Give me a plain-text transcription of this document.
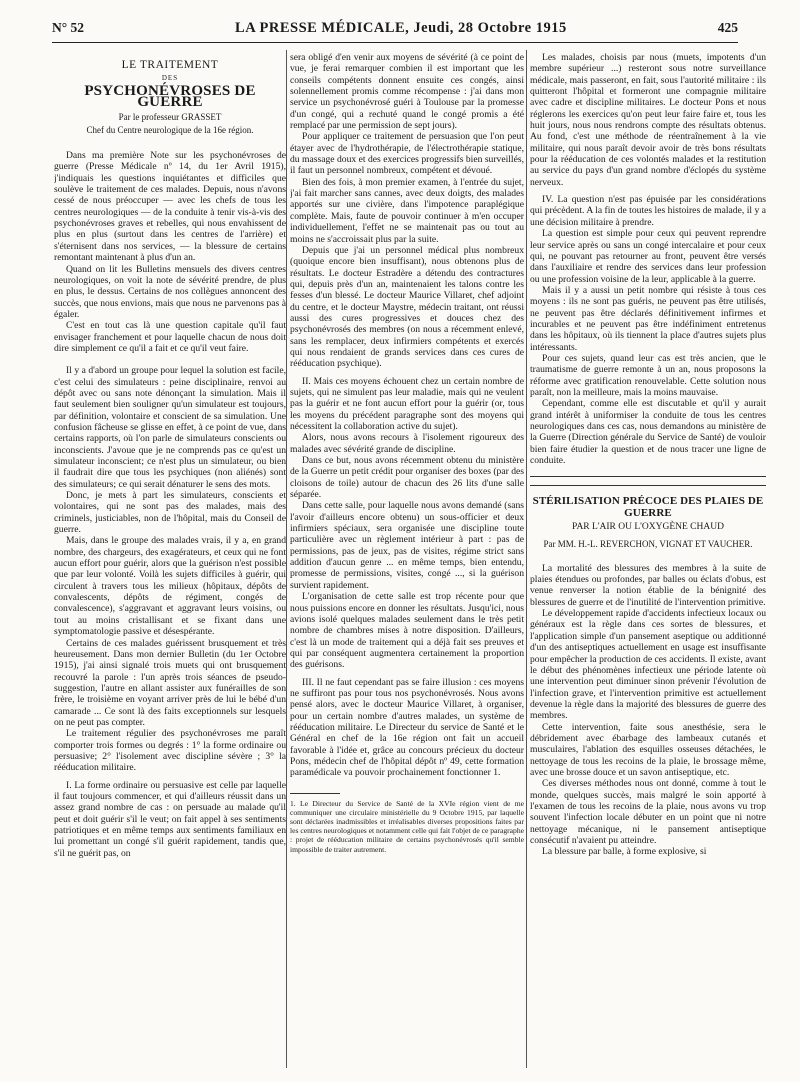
N° 52	LA PRESSE MÉDICALE, Jeudi, 28 Octobre 1915	425
LE TRAITEMENT
DES
PSYCHONÉVROSES DE GUERRE
Par le professeur GRASSET
Chef du Centre neurologique de la 16e région.

Dans ma première Note sur les psychonévroses de guerre (Presse Médicale nº 14, du 1er Avril 1915), j'indiquais les questions inquiétantes et difficiles que soulève le traitement de ces malades. Depuis, nous n'avons cessé de nous préoccuper — avec les chefs de tous les centres neurologiques — de la conduite à tenir vis-à-vis des psychonévroses graves et rebelles, qui nous envahissent de plus en plus (surtout dans les centres de l'arrière) et s'éternisent dans nos services, — la blessure de certains remontant maintenant à plus d'un an.

Quand on lit les Bulletins mensuels des divers centres neurologiques, on voit la note de sévérité prendre, de plus en plus, le dessus. Certains de nos collègues annoncent des succès, que nous envions, mais que nous ne parvenons pas à égaler.

C'est en tout cas là une question capitale qu'il faut envisager franchement et pour laquelle chacun de nous doit dire simplement ce qu'il a fait et ce qu'il veut faire.

Il y a d'abord un groupe pour lequel la solution est facile, c'est celui des simulateurs : peine disciplinaire, renvoi au dépôt avec ou sans note dénonçant la simulation. Mais il faut seulement bien souligner qu'un simulateur est toujours, par définition, volontaire et conscient de sa simulation. Une confusion fâcheuse se glisse en effet, à ce point de vue, dans certains rapports, où l'on parle de simulateurs conscients ou inconscients. J'avoue que je ne comprends pas ce qu'est un simulateur inconscient; ce n'est plus un simulateur, ou bien il faudrait dire que tous les psychiques (non aliénés) sont des simulateurs; ce qui serait dénaturer le sens des mots.

Donc, je mets à part les simulateurs, conscients et volontaires, qui ne sont pas des malades, mais des criminels, justiciables, non de l'hôpital, mais du Conseil de guerre.

Mais, dans le groupe des malades vrais, il y a, en grand nombre, des chargeurs, des exagérateurs, et ceux qui ne font aucun effort pour guérir, alors que la guérison n'est possible que par leur volonté. Voilà les sujets difficiles à guérir, qui circulent à travers tous les milieux (hôpitaux, dépôts de convalescents, dépôts de régiment, congés de convalescence), s'aggravant et aggravant leurs voisins, ou tout au moins cristallisant et se fixant dans une symptomatologie passive et désespérante.

Certains de ces malades guérissent brusquement et très heureusement. Dans mon dernier Bulletin (du 1er Octobre 1915), j'ai ainsi signalé trois muets qui ont brusquement recouvré la parole : l'un après trois séances de pseudo-suggestion, l'autre en allant assister aux funérailles de son frère, le troisième en voyant arriver près de lui le bébé d'un camarade ... Ce sont là des faits exceptionnels sur lesquels on ne peut pas compter.

Le traitement régulier des psychonévroses me paraît comporter trois formes ou degrés : 1° la forme ordinaire ou persuasive; 2° l'isolement avec discipline sévère ; 3° la rééducation militaire.

I. La forme ordinaire ou persuasive est celle par laquelle il faut toujours commencer, et qui d'ailleurs réussit dans un assez grand nombre de cas : on persuade au malade qu'il peut et doit guérir s'il le veut; on fait appel à ses sentiments patriotiques et en même temps aux sentiments familiaux en lui promettant un congé s'il guérit rapidement, tandis que, s'il ne guérit pas, on

sera obligé d'en venir aux moyens de sévérité (à ce point de vue, je ferai remarquer combien il est important que les conseils compétents donnent ensuite ces congés, ainsi solennellement promis comme récompense : j'ai dans mon service un psychonévrosé guéri à Toulouse par la promesse d'un congé, qui a rechuté quand le congé promis a été remplacé par une permission de sept jours).

Pour appliquer ce traitement de persuasion que l'on peut étayer avec de l'hydrothérapie, de l'électrothérapie statique, du massage doux et des exercices progressifs bien surveillés, il faut un personnel nombreux, compétent et dévoué.

Bien des fois, à mon premier examen, à l'entrée du sujet, j'ai fait marcher sans cannes, avec deux doigts, des malades apportés sur une civière, dans l'impotence paraplégique complète. Mais, faute de pouvoir continuer à m'en occuper individuellement, l'effet ne se maintenait pas ou tout au moins ne s'accroissait plus par la suite.

Depuis que j'ai un personnel médical plus nombreux (quoique encore bien insuffisant), nous obtenons plus de résultats. Le docteur Estradère a détendu des contractures qui, depuis près d'un an, maintenaient les talons contre les fesses d'un blessé. Le docteur Maurice Villaret, chef adjoint du centre, et le docteur Maystre, médecin traitant, ont réussi aussi des cures progressives et douces chez des psychonévrosés des membres (on nous a récemment enlevé, sans les remplacer, deux infirmiers compétents et exercés qui nous rendaient de grands services dans ces cures de rééducation psychique).

II. Mais ces moyens échouent chez un certain nombre de sujets, qui ne simulent pas leur maladie, mais qui ne veulent pas la guérir et ne font aucun effort pour la guérir (or, tous les moyens du précédent paragraphe sont des moyens qui nécessitent la collaboration active du sujet).

Alors, nous avons recours à l'isolement rigoureux des malades avec sévérité grande de discipline.

Dans ce but, nous avons récemment obtenu du ministère de la Guerre un petit crédit pour organiser des boxes (par des cloisons de toile) autour de chacun des 26 lits d'une salle séparée.

Dans cette salle, pour laquelle nous avons demandé (sans l'avoir d'ailleurs encore obtenu) un sous-officier et deux infirmiers spéciaux, sera organisée une discipline toute particulière avec un règlement intérieur à part : pas de permissions, pas de jeux, pas de visites, régime strict sans addition d'aucun genre ... en même temps, bien entendu, promesse de permissions, visites, congé ..., si la guérison survient rapidement.

L'organisation de cette salle est trop récente pour que nous puissions encore en donner les résultats. Jusqu'ici, nous avions isolé quelques malades seulement dans le très petit nombre de chambres mises à notre disposition. D'ailleurs, c'est là un mode de traitement qui a déjà fait ses preuves et qui par conséquent augmentera certainement la proportion des guérisons.

III. Il ne faut cependant pas se faire illusion : ces moyens ne suffiront pas pour tous nos psychonévrosés. Nous avons pensé alors, avec le docteur Maurice Villaret, à organiser, pour un certain nombre d'autres malades, un système de rééducation militaire. Le Directeur du service de Santé et le Général en chef de la 16e région ont fait un accueil favorable à l'idée et, grâce au concours précieux du docteur Pons, médecin chef de l'hôpital dépôt nº 49, cette formation paramédicale va pouvoir prochainement fonctionner 1.

1. Le Directeur du Service de Santé de la XVIe région vient de me communiquer une circulaire ministérielle du 9 Octobre 1915, par laquelle sont déclarées inadmissibles et irréalisables diverses propositions faites par les centres neurologiques et notamment celle qui fait l'objet de ce paragraphe : projet de rééducation militaire de certains psychonévrosés qu'il semble impossible de traiter autrement.

Les malades, choisis par nous (muets, impotents d'un membre supérieur ...) resteront sous notre surveillance médicale, mais passeront, en fait, sous l'autorité militaire : ils quitteront l'hôpital et formeront une compagnie militaire avec cadre et discipline militaires. Le docteur Pons et nous réglerons les exercices qu'on peut leur faire faire et, tous les huit jours, nous nous rendrons compte des résultats obtenus. Au fond, c'est une méthode de réentraînement à la vie militaire, qui nous paraît devoir avoir de très bons résultats pour la rééducation de ces volontés malades et la restitution au service du pays d'un grand nombre d'éclopés du système nerveux.

IV. La question n'est pas épuisée par les considérations qui précèdent. A la fin de toutes les histoires de malade, il y a une décision militaire à prendre.

La question est simple pour ceux qui peuvent reprendre leur service après ou sans un congé intercalaire et pour ceux qui, ne pouvant pas retourner au front, peuvent être versés dans l'auxiliaire et rendre des services dans leur profession ou une profession voisine de la leur, applicable à la guerre.

Mais il y a aussi un petit nombre qui résiste à tous ces moyens : ils ne sont pas guéris, ne peuvent pas être utilisés, ne peuvent pas être déclarés définitivement infirmes et incurables et ne peuvent pas être indéfiniment entretenus dans les hôpitaux, où ils tiennent la place d'autres sujets plus intéressants.

Pour ces sujets, quand leur cas est très ancien, que le traumatisme de guerre remonte à un an, nous proposons la réforme avec gratification renouvelable. Cette solution nous paraît, non la meilleure, mais la moins mauvaise.

Cependant, comme elle est discutable et qu'il y aurait grand intérêt à uniformiser la conduite de tous les centres neurologiques dans ces cas, nous demandons au ministère de la Guerre (Direction générale du Service de Santé) de vouloir bien faire étudier la question et de nous tracer une ligne de conduite.

STÉRILISATION PRÉCOCE DES PLAIES DE GUERRE
PAR L'AIR OU L'OXYGÈNE CHAUD
Par MM. H.-L. REVERCHON, VIGNAT ET VAUCHER.

La mortalité des blessures des membres à la suite de plaies étendues ou profondes, par balles ou éclats d'obus, est venue renverser la notion établie de la bénignité des blessures de guerre et de l'inutilité de l'intervention primitive.

Le développement rapide d'accidents infectieux locaux ou généraux est la règle dans ces sortes de blessures, et l'application simple d'un pansement aseptique ou additionné d'un des antiseptiques actuellement en usage est insuffisante pour empêcher la production de ces accidents. Il existe, avant le début des phénomènes infectieux une période latente où une intervention peut diminuer sinon prévenir l'évolution de l'infection grave, et l'intervention primitive est actuellement devenue la règle dans la majorité des blessures de guerre des membres.

Cette intervention, faite sous anesthésie, sera le débridement avec ébarbage des lambeaux cutanés et musculaires, l'ablation des esquilles osseuses détachées, le nettoyage de tous les recoins de la plaie, le brossage même, avec une brosse douce et un savon antiseptique, etc.

Ces diverses méthodes nous ont donné, comme à tout le monde, quelques succès, mais malgré le soin apporté à l'examen de tous les recoins de la plaie, nous avons vu trop souvent l'infection locale débuter en un point que ni notre nettoyage mécanique, ni le pansement antiseptique consécutif n'avaient pu atteindre.

La blessure par balle, à forme explosive, si
